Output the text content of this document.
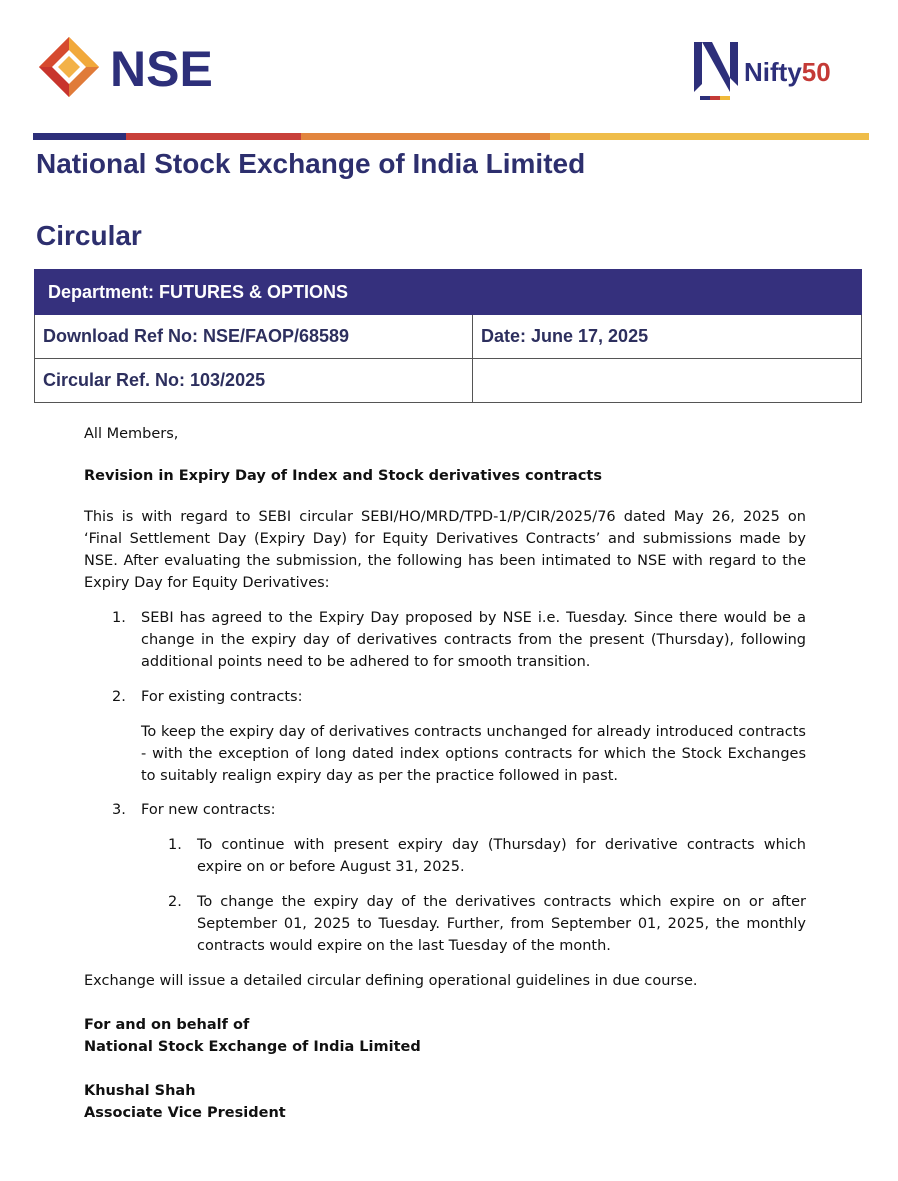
NSE	Nifty50
National Stock Exchange of India Limited
Circular
Department: FUTURES & OPTIONS	
Download Ref No: NSE/FAOP/68589	Date: June 17, 2025
Circular Ref. No: 103/2025	

All Members,

Revision in Expiry Day of Index and Stock derivatives contracts

This is with regard to SEBI circular SEBI/HO/MRD/TPD-1/P/CIR/2025/76 dated May 26, 2025 on ‘Final Settlement Day (Expiry Day) for Equity Derivatives Contracts’ and submissions made by NSE. After evaluating the submission, the following has been intimated to NSE with regard to the Expiry Day for Equity Derivatives:

1. SEBI has agreed to the Expiry Day proposed by NSE i.e. Tuesday. Since there would be a change in the expiry day of derivatives contracts from the present (Thursday), following additional points need to be adhered to for smooth transition.
2. For existing contracts:

To keep the expiry day of derivatives contracts unchanged for already introduced contracts - with the exception of long dated index options contracts for which the Stock Exchanges to suitably realign expiry day as per the practice followed in past.

3. For new contracts:
1. To continue with present expiry day (Thursday) for derivative contracts which expire on or before August 31, 2025.
2. To change the expiry day of the derivatives contracts which expire on or after September 01, 2025 to Tuesday. Further, from September 01, 2025, the monthly contracts would expire on the last Tuesday of the month.

Exchange will issue a detailed circular defining operational guidelines in due course.

For and on behalf of

National Stock Exchange of India Limited

Khushal Shah

Associate Vice President
